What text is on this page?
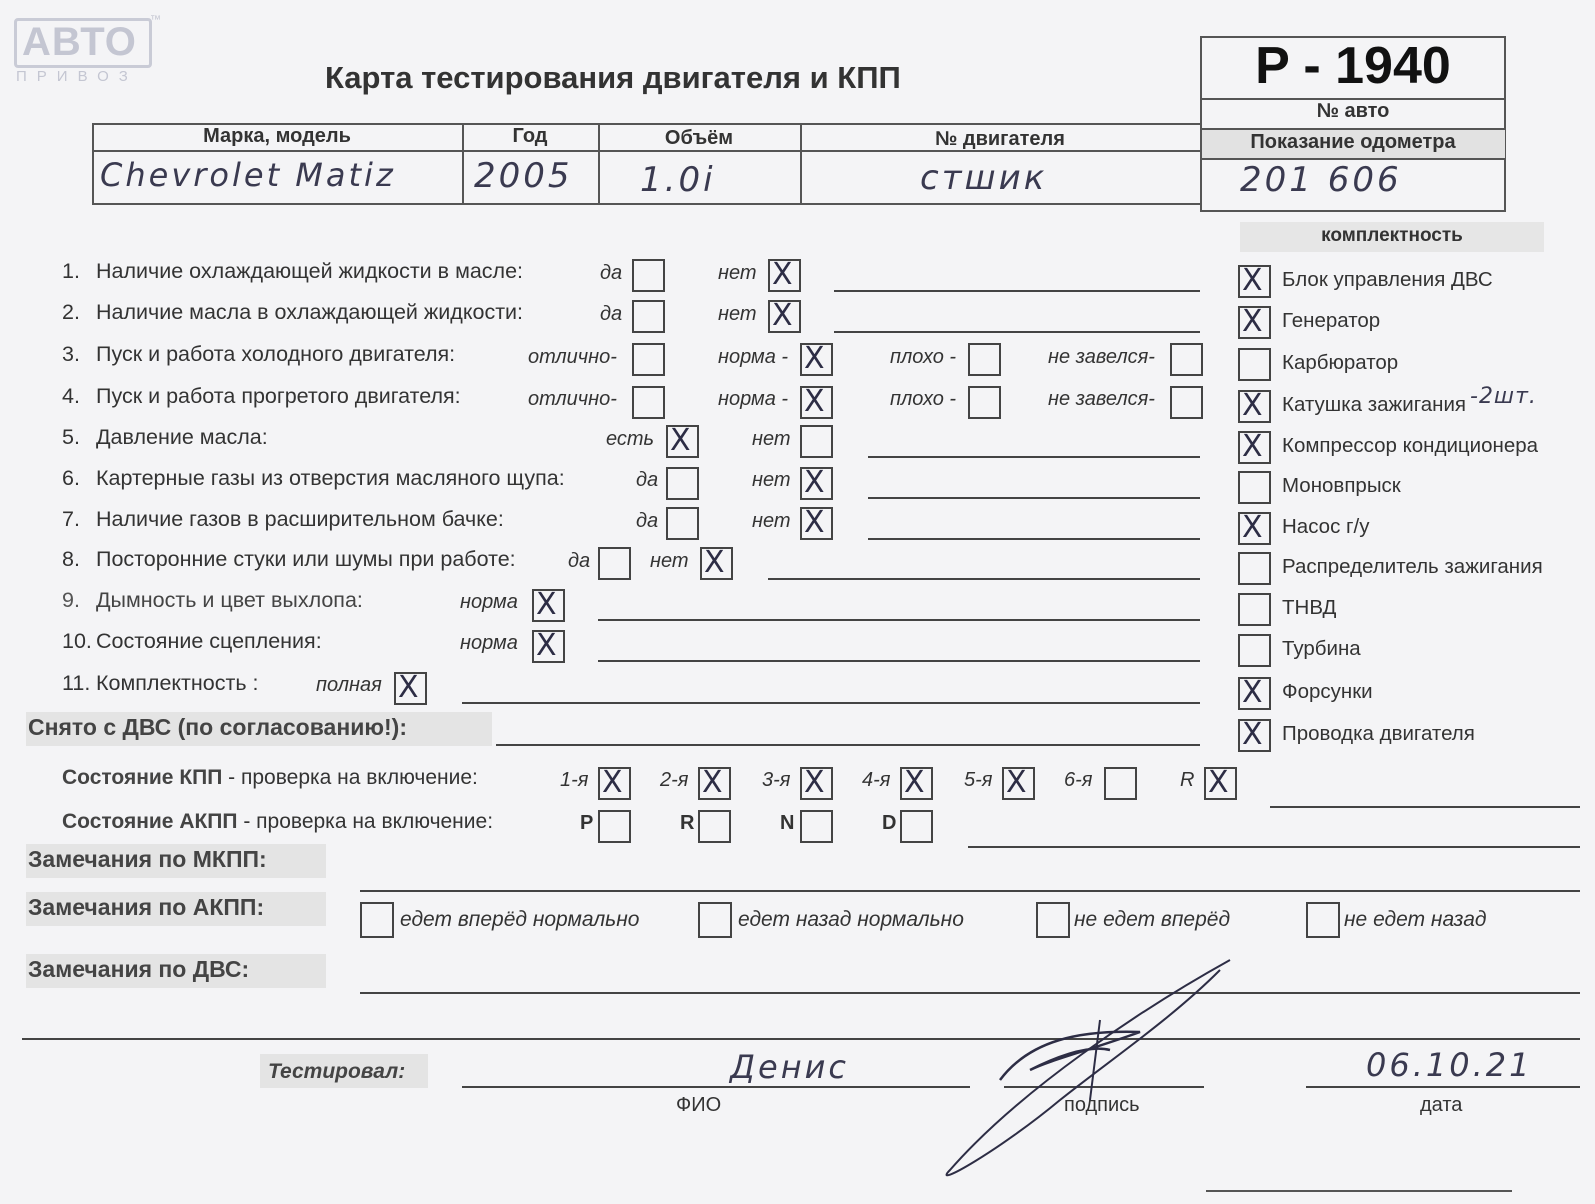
АВТО ™
ПРИВОЗ	Карта тестирования двигателя и КПП	P - 1940
№ авто
Показание одометра
201 606
Марка, модель	Год	Объём	№ двигателя
Chevrolet Matiz 2005 1.0i	стшик
комплектность
1. Наличие охлаждающей жидкости в масле:	да	нет X
2. Наличие масла в охлаждающей жидкости:	да	нет X
3. Пуск и работа холодного двигателя:	отлично-	норма - X	плохо -	не завелся-
4. Пуск и работа прогретого двигателя:	отлично-	норма - X	плохо -	не завелся-
5. Давление масла:	есть X	нет
6. Картерные газы из отверстия масляного щупа:	да	нет X
7. Наличие газов в расширительном бачке:	да	нет X
8. Посторонние стуки или шумы при работе:	да	нет X
9. Дымность и цвет выхлопа:	норма X
10. Состояние сцепления:	норма X
11. Комплектность :	полная X
X Блок управления ДВС
X Генератор
Карбюратор
X Катушка зажигания -2шт.
X Компрессор кондиционера
Моновпрыск
X Насос г/у
Распределитель зажигания
ТНВД
Турбина
X Форсунки
X Проводка двигателя
Снято с ДВС (по согласованию!):
Состояние КПП - проверка на включение:	1-я X 2-я X 3-я X 4-я X 5-я X 6-я	R X
Состояние АКПП - проверка на включение:	P	R	N	D
Замечания по МКПП:
Замечания по АКПП:	едет вперёд нормально	едет назад нормально	не едет вперёд	не едет назад
Замечания по ДВС:
Тестировал:
ФИО	подпись	дата
Денис	06.10.21
